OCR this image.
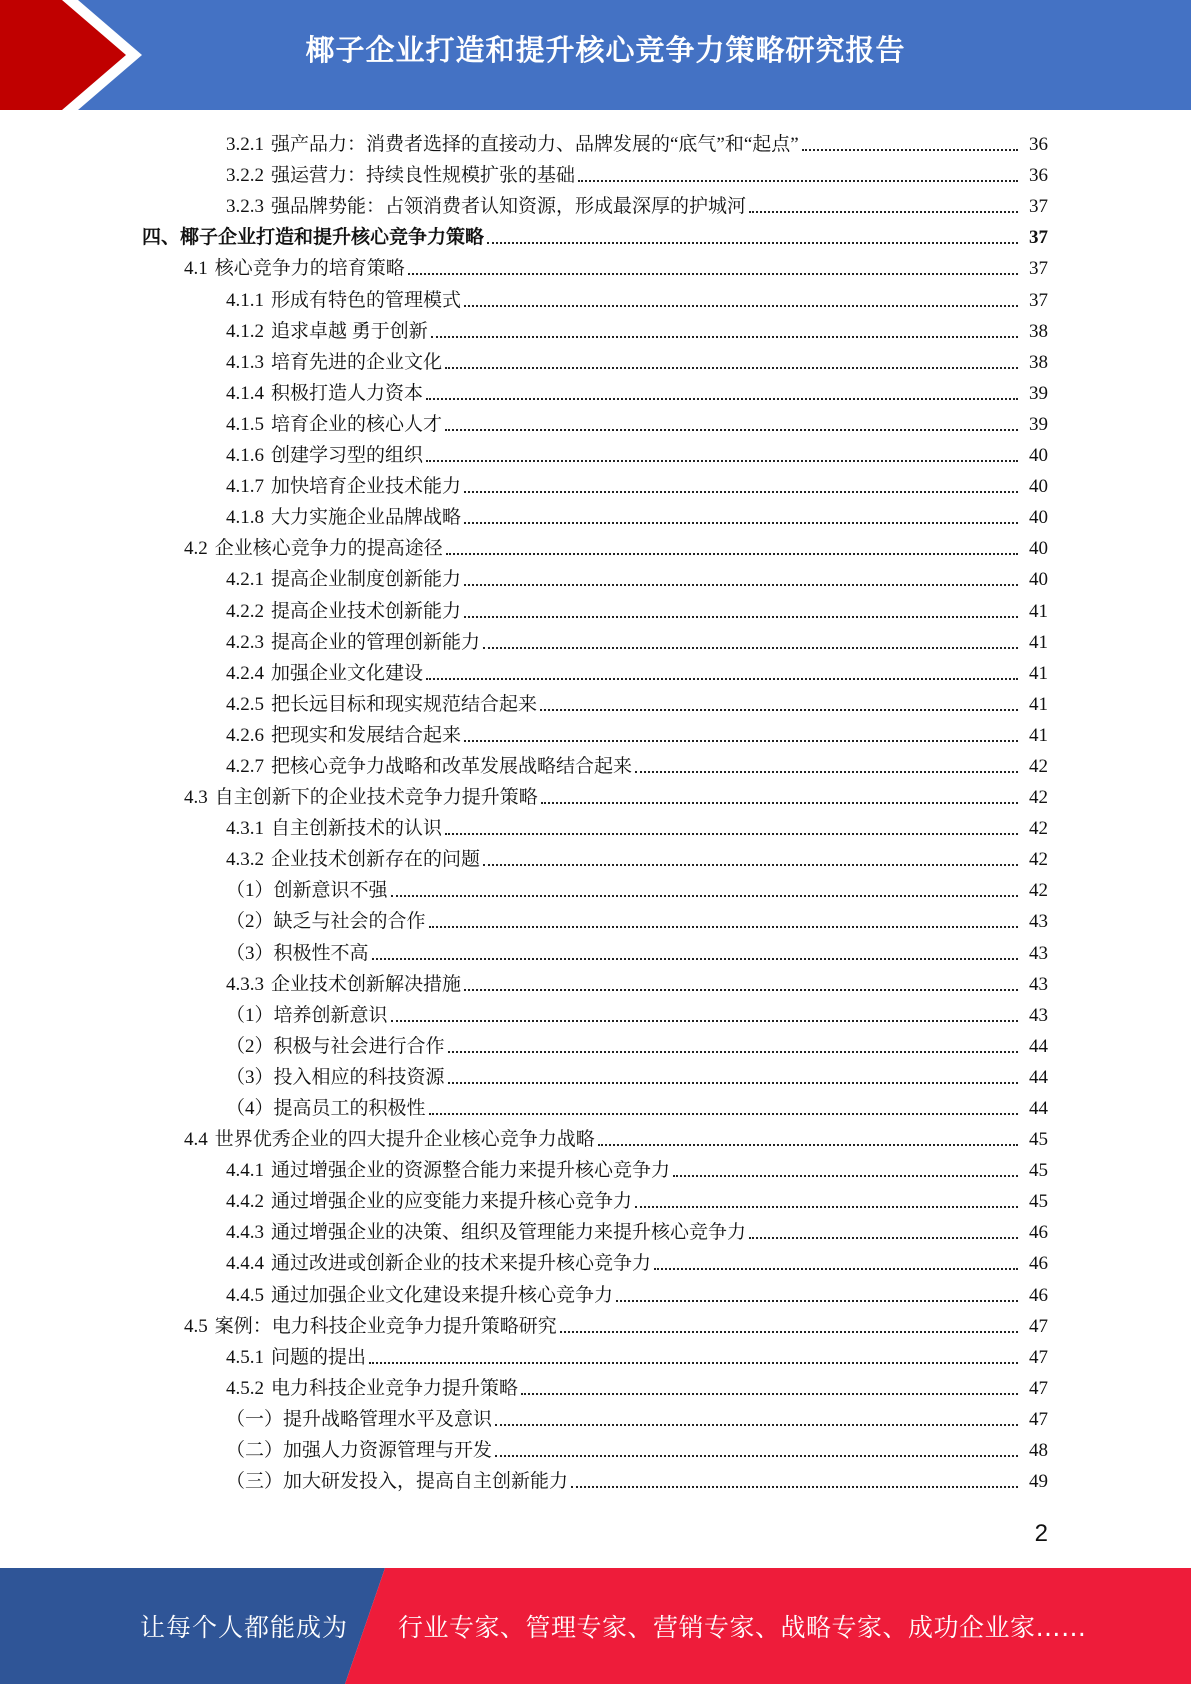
椰子企业打造和提升核心竞争力策略研究报告
3.2.1 强产品力：消费者选择的直接动力、品牌发展的“底气”和“起点”	36
3.2.2 强运营力：持续良性规模扩张的基础	36
3.2.3 强品牌势能：占领消费者认知资源，形成最深厚的护城河	37
四、椰子企业打造和提升核心竞争力策略	37
4.1 核心竞争力的培育策略	37
4.1.1 形成有特色的管理模式	37
4.1.2 追求卓越 勇于创新	38
4.1.3 培育先进的企业文化	38
4.1.4 积极打造人力资本	39
4.1.5 培育企业的核心人才	39
4.1.6 创建学习型的组织	40
4.1.7 加快培育企业技术能力	40
4.1.8 大力实施企业品牌战略	40
4.2 企业核心竞争力的提高途径	40
4.2.1 提高企业制度创新能力	40
4.2.2 提高企业技术创新能力	41
4.2.3 提高企业的管理创新能力	41
4.2.4 加强企业文化建设	41
4.2.5 把长远目标和现实规范结合起来	41
4.2.6 把现实和发展结合起来	41
4.2.7 把核心竞争力战略和改革发展战略结合起来	42
4.3 自主创新下的企业技术竞争力提升策略	42
4.3.1 自主创新技术的认识	42
4.3.2 企业技术创新存在的问题	42
（1）创新意识不强	42
（2）缺乏与社会的合作	43
（3）积极性不高	43
4.3.3 企业技术创新解决措施	43
（1）培养创新意识	43
（2）积极与社会进行合作	44
（3）投入相应的科技资源	44
（4）提高员工的积极性	44
4.4 世界优秀企业的四大提升企业核心竞争力战略	45
4.4.1 通过增强企业的资源整合能力来提升核心竞争力	45
4.4.2 通过增强企业的应变能力来提升核心竞争力	45
4.4.3 通过增强企业的决策、组织及管理能力来提升核心竞争力	46
4.4.4 通过改进或创新企业的技术来提升核心竞争力	46
4.4.5 通过加强企业文化建设来提升核心竞争力	46
4.5 案例：电力科技企业竞争力提升策略研究	47
4.5.1 问题的提出	47
4.5.2 电力科技企业竞争力提升策略	47
（一）提升战略管理水平及意识	47
（二）加强人力资源管理与开发	48
（三）加大研发投入，提高自主创新能力	49
2
让每个人都能成为 行业专家、管理专家、营销专家、战略专家、成功企业家……
